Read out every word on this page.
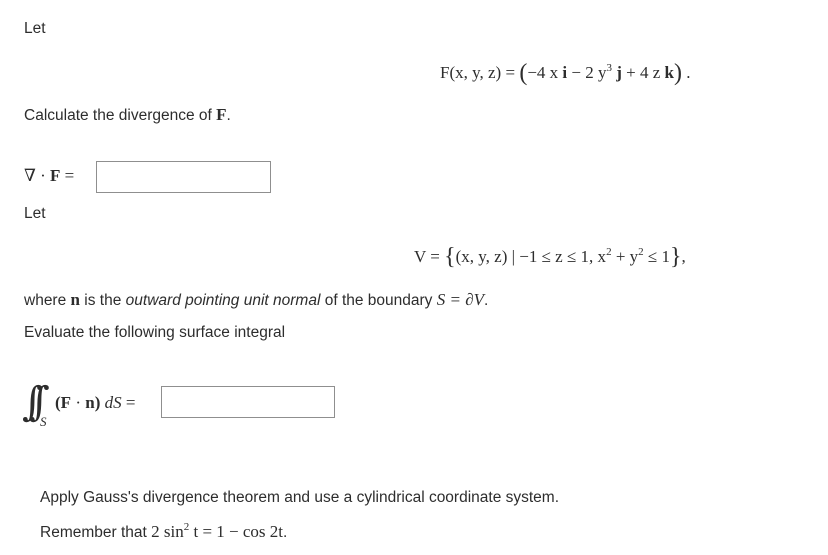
Let
F(x, y, z) = (−4 x i − 2 $y^3$ j + 4 z k) .
Calculate the divergence of F.
∇ · F =
Let
V = {(x, y, z) | −1 ≤ z ≤ 1, $x^2 + y^2 \le 1$},
where n is the outward pointing unit normal of the boundary S = ∂V.
Evaluate the following surface integral
∫∫ S
(F · n) dS =
Apply Gauss's divergence theorem and use a cylindrical coordinate system.
Remember that 2 $\sin^2 t = 1 - \cos 2t$.
